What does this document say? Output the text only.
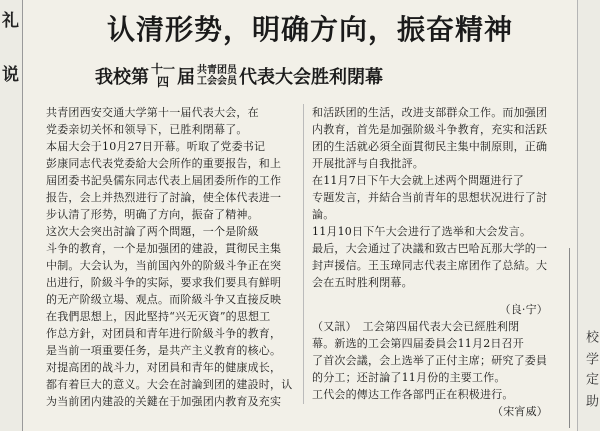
礼
说
校
学
定
助
认清形势，明确方向，振奋精神
我校第 十一
四 届 共青团员
工会会员 代表大会胜利閉幕

共青团西安交通大学第十一届代表大会，在

党委亲切关怀和领导下，已胜利閉幕了。

本届大会于10月27日开幕。听取了党委书记

彭康同志代表党委給大会所作的重要报告，和上

屆团委书記吳儒东同志代表上屆团委所作的工作

报告，会上并热烈进行了討論，使全体代表进一

步认清了形势，明确了方向，振奋了精神。

这次大会突出討論了两个問題，一个是阶級

斗争的教育，一个是加强团的建設，貫彻民主集

中制。大会认为，当前国內外的阶級斗争正在突

出进行，阶級斗争的实际，要求我们要具有鮮明

的无产阶级立場、观点。而阶級斗争又直接反映

在我們思想上，因此堅持“兴无灭資”的思想工

作总方針，对团員和青年进行阶級斗争的教育，

是当前一項重要任务，是共产主义教育的核心。

对提高团的战斗力，对团員和青年的健康成长，

都有着巨大的意义。大会在討論到团的建設时，认

为当前团内建設的关鍵在于加强团内教育及充实

和活跃团的生活，改进支部群众工作。而加强团

内教育，首先是加强阶級斗争教育，充实和活跃

团的生活就必須全面貫彻民主集中制原則，正确

开展批評与自我批評。

在11月7日下午大会就上述两个問題进行了

专题发言，并結合当前青年的思想状况进行了討

論。

11月10日下午大会进行了选举和大会发言。

最后，大会通过了决議和致古巴哈瓦那大学的一

封声援信。王玉璋同志代表主席团作了总結。大

会在五时胜利閉幕。

（良·宁）

（又訊）　工会第四届代表大会已經胜利閉

幕。新选的工会第四届委員会11月2日召开

了首次会議，会上选举了正付主席；研究了委員

的分工；还討論了11月份的主要工作。

工代会的傳达工作各部門正在积极进行。

（宋宵威）
